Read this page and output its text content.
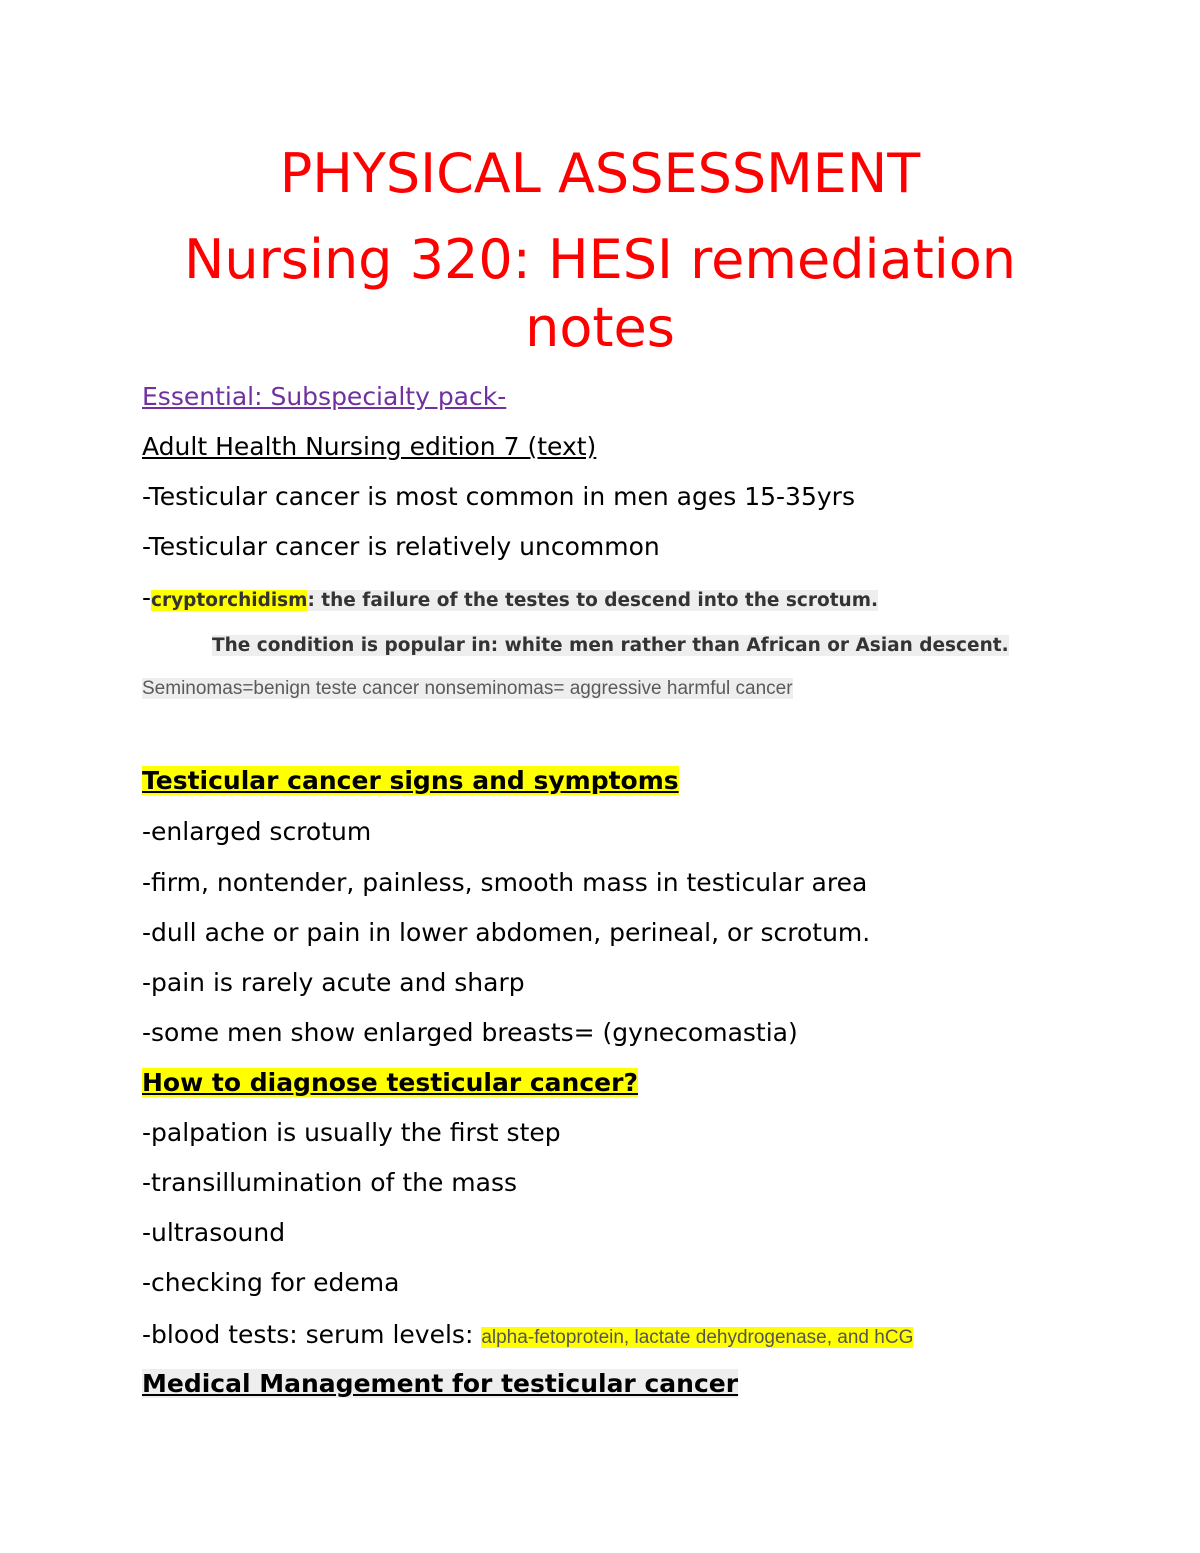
PHYSICAL ASSESSMENT
Nursing 320: HESI remediation
notes
Essential: Subspecialty pack-
Adult Health Nursing edition 7 (text)
-Testicular cancer is most common in men ages 15-35yrs
-Testicular cancer is relatively uncommon
-cryptorchidism: the failure of the testes to descend into the scrotum.
The condition is popular in: white men rather than African or Asian descent.
Seminomas=benign teste cancer nonseminomas= aggressive harmful cancer
Testicular cancer signs and symptoms
-enlarged scrotum
-firm, nontender, painless, smooth mass in testicular area
-dull ache or pain in lower abdomen, perineal, or scrotum.
-pain is rarely acute and sharp
-some men show enlarged breasts= (gynecomastia)
How to diagnose testicular cancer?
-palpation is usually the first step
-transillumination of the mass
-ultrasound
-checking for edema
-blood tests: serum levels: alpha-fetoprotein, lactate dehydrogenase, and hCG
Medical Management for testicular cancer
